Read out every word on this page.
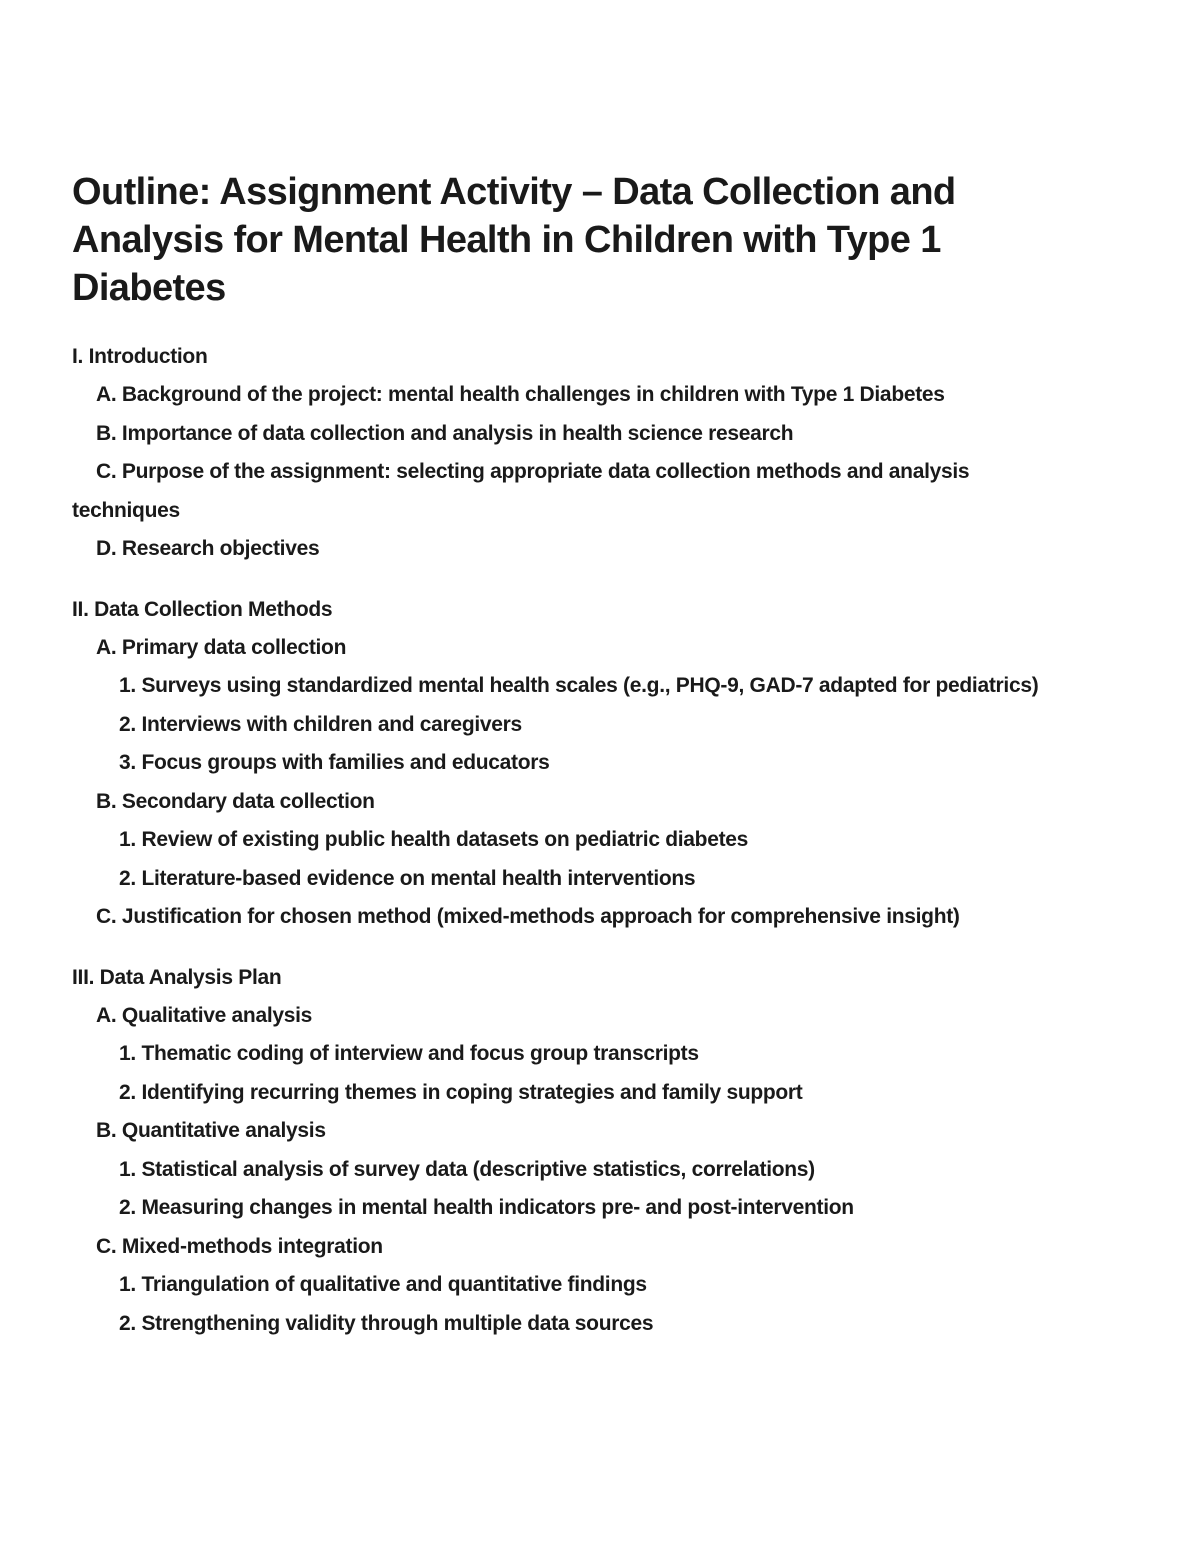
Outline: Assignment Activity – Data Collection and Analysis for Mental Health in Children with Type 1 Diabetes
I. Introduction
A. Background of the project: mental health challenges in children with Type 1 Diabetes
B. Importance of data collection and analysis in health science research
C. Purpose of the assignment: selecting appropriate data collection methods and analysis techniques
D. Research objectives
II. Data Collection Methods
A. Primary data collection
1. Surveys using standardized mental health scales (e.g., PHQ-9, GAD-7 adapted for pediatrics)
2. Interviews with children and caregivers
3. Focus groups with families and educators
B. Secondary data collection
1. Review of existing public health datasets on pediatric diabetes
2. Literature-based evidence on mental health interventions
C. Justification for chosen method (mixed-methods approach for comprehensive insight)
III. Data Analysis Plan
A. Qualitative analysis
1. Thematic coding of interview and focus group transcripts
2. Identifying recurring themes in coping strategies and family support
B. Quantitative analysis
1. Statistical analysis of survey data (descriptive statistics, correlations)
2. Measuring changes in mental health indicators pre- and post-intervention
C. Mixed-methods integration
1. Triangulation of qualitative and quantitative findings
2. Strengthening validity through multiple data sources
